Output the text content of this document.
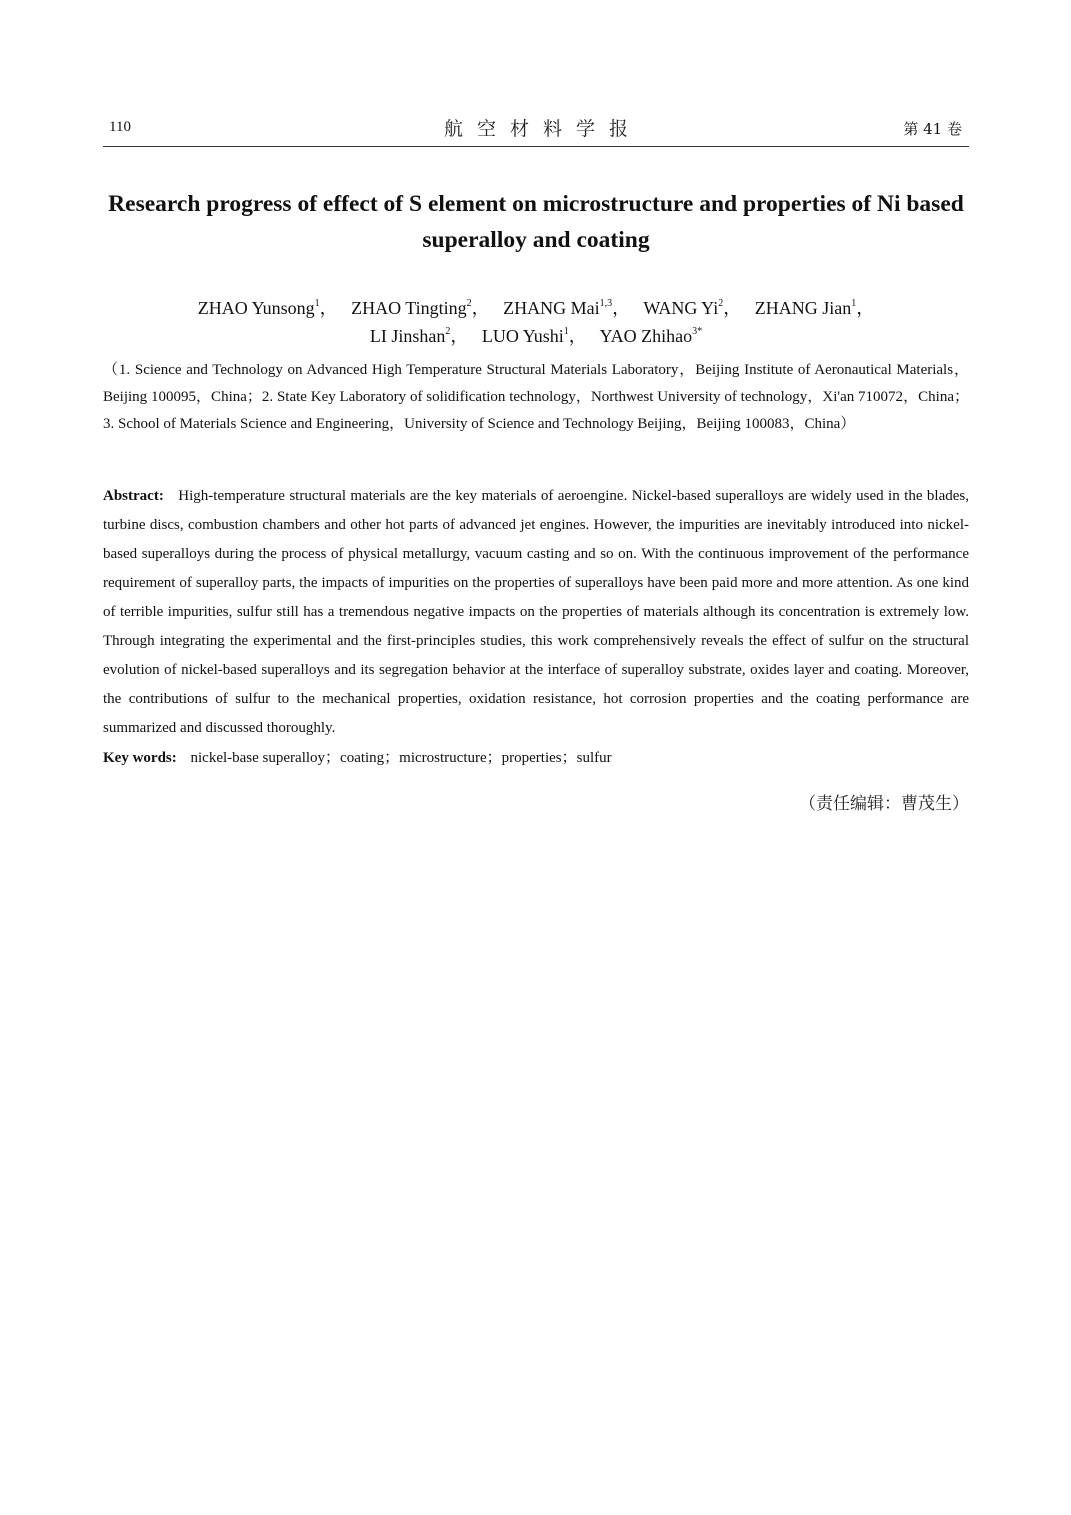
110	航空材料学报	第 41 卷
Research progress of effect of S element on microstructure and properties of Ni based superalloy and coating
ZHAO Yunsong$^1$，   ZHAO Tingting$^2$，   ZHANG Mai$^{1,3}$，   WANG Yi$^2$，   ZHANG Jian$^1$，
LI Jinshan$^2$，   LUO Yushi$^1$，   YAO Zhihao$^{3*}$
（1. Science and Technology on Advanced High Temperature Structural Materials Laboratory，Beijing Institute of Aeronautical Materials，Beijing 100095，China；2. State Key Laboratory of solidification technology，Northwest University of technology，Xi'an 710072，China；3. School of Materials Science and Engineering，University of Science and Technology Beijing，Beijing 100083，China）
Abstract: High-temperature structural materials are the key materials of aeroengine. Nickel-based superalloys are widely used in the blades, turbine discs, combustion chambers and other hot parts of advanced jet engines. However, the impurities are inevitably introduced into nickel-based superalloys during the process of physical metallurgy, vacuum casting and so on. With the continuous improvement of the performance requirement of superalloy parts, the impacts of impurities on the properties of superalloys have been paid more and more attention. As one kind of terrible impurities, sulfur still has a tremendous negative impacts on the properties of materials although its concentration is extremely low. Through integrating the experimental and the first-principles studies, this work comprehensively reveals the effect of sulfur on the structural evolution of nickel-based superalloys and its segregation behavior at the interface of superalloy substrate, oxides layer and coating. Moreover, the contributions of sulfur to the mechanical properties, oxidation resistance, hot corrosion properties and the coating performance are summarized and discussed thoroughly.
Key words: nickel-base superalloy；coating；microstructure；properties；sulfur
（责任编辑：曹茂生）
